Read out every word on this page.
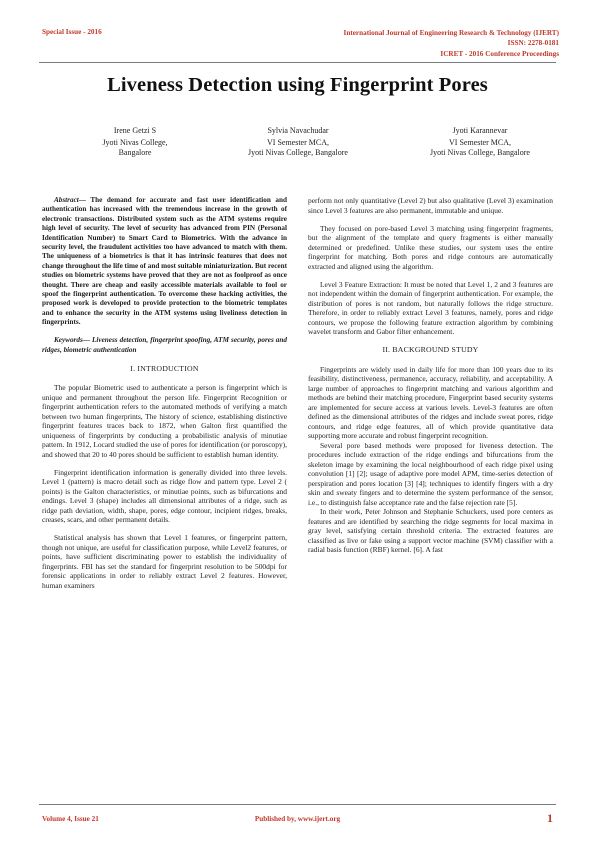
Special Issue - 2016	International Journal of Engineering Research & Technology (IJERT)
ISSN: 2278-0181
ICRET - 2016 Conference Proceedings
Liveness Detection using Fingerprint Pores
Irene Getzi S
Jyoti Nivas College,
Bangalore
Sylvia Navachudar
VI Semester MCA,
Jyoti Nivas College, Bangalore
Jyoti Karannevar
VI Semester MCA,
Jyoti Nivas College, Bangalore

Abstract— The demand for accurate and fast user identification and authentication has increased with the tremendous increase in the growth of electronic transactions. Distributed system such as the ATM systems require high level of security. The level of security has advanced from PIN (Personal Identification Number) to Smart Card to Biometrics. With the advance in security level, the fraudulent activities too have advanced to match with them. The uniqueness of a biometrics is that it has intrinsic features that does not change throughout the life time of and most suitable miniaturization. But recent studies on biometric systems have proved that they are not as foolproof as once thought. There are cheap and easily accessible materials available to fool or spoof the fingerprint authentication. To overcome these hacking activities, the proposed work is developed to provide protection to the biometric templates and to enhance the security in the ATM systems using liveliness detection in fingerprints.

Keywords— Liveness detection, fingerprint spoofing, ATM security, pores and ridges, biometric authentication

I. INTRODUCTION

The popular Biometric used to authenticate a person is fingerprint which is unique and permanent throughout the person life. Fingerprint Recognition or fingerprint authentication refers to the automated methods of verifying a match between two human fingerprints, The history of science, establishing distinctive fingerprint features traces back to 1872, when Galton first quantified the uniqueness of fingerprints by conducting a probabilistic analysis of minutiae pattern. In 1912, Locard studied the use of pores for identification (or poroscopy), and showed that 20 to 40 pores should be sufficient to establish human identity.

Fingerprint identification information is generally divided into three levels. Level 1 (pattern) is macro detail such as ridge flow and pattern type. Level 2 ( points) is the Galton characteristics, or minutiae points, such as bifurcations and endings. Level 3 (shape) includes all dimensional attributes of a ridge, such as ridge path deviation, width, shape, pores, edge contour, incipient ridges, breaks, creases, scars, and other permanent details.

Statistical analysis has shown that Level 1 features, or fingerprint pattern, though not unique, are useful for classification purpose, while Level2 features, or points, have sufficient discriminating power to establish the individuality of fingerprints. FBI has set the standard for fingerprint resolution to be 500dpi for forensic applications in order to reliably extract Level 2 features. However, human examiners

perform not only quantitative (Level 2) but also qualitative (Level 3) examination since Level 3 features are also permanent, immutable and unique.

They focused on pore-based Level 3 matching using fingerprint fragments, but the alignment of the template and query fragments is either manually determined or predefined. Unlike these studies, our system uses the entire fingerprint for matching. Both pores and ridge contours are automatically extracted and aligned using the algorithm.

Level 3 Feature Extraction: It must be noted that Level 1, 2 and 3 features are not independent within the domain of fingerprint authentication. For example, the distribution of pores is not random, but naturally follows the ridge structure. Therefore, in order to reliably extract Level 3 features, namely, pores and ridge contours, we propose the following feature extraction algorithm by combining wavelet transform and Gabor filter enhancement.

II. BACKGROUND STUDY

Fingerprints are widely used in daily life for more than 100 years due to its feasibility, distinctiveness, permanence, accuracy, reliability, and acceptability. A large number of approaches to fingerprint matching and various algorithm and methods are behind their matching procedure, Fingerprint based security systems are implemented for secure access at various levels. Level-3 features are often defined as the dimensional attributes of the ridges and include sweat pores, ridge contours, and ridge edge features, all of which provide quantitative data supporting more accurate and robust fingerprint recognition.

Several pore based methods were proposed for liveness detection. The procedures include extraction of the ridge endings and bifurcations from the skeleton image by examining the local neighbourhood of each ridge pixel using convolution [1] [2]; usage of adaptive pore model APM, time-series detection of perspiration and pores location [3] [4]; techniques to identify fingers with a dry skin and sweaty fingers and to determine the system performance of the sensor, i.e., to distinguish false acceptance rate and the false rejection rate [5].

In their work, Peter Johnson and Stephanie Schuckers, used pore centers as features and are identified by searching the ridge segments for local maxima in gray level, satisfying certain threshold criteria. The extracted features are classified as live or fake using a support vector machine (SVM) classifier with a radial basis function (RBF) kernel. [6]. A fast

Volume 4, Issue 21	Published by, www.ijert.org	1
